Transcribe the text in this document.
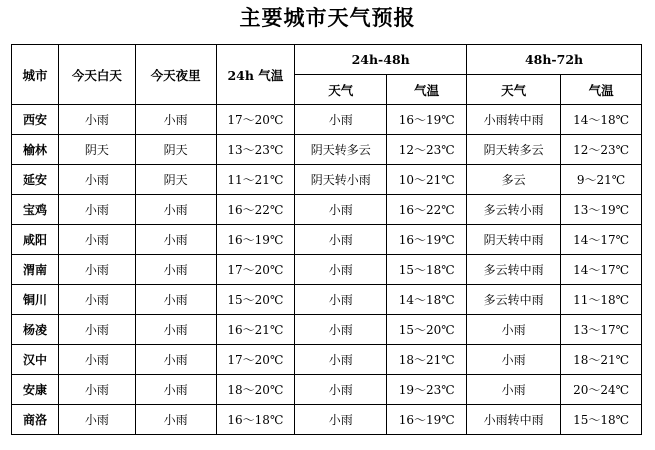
主要城市天气预报
城市	今天白天	今天夜里	24h 气温	24h-48h		48h-72h	
				天气	气温	天气	气温
西安	小雨	小雨	17～20℃	小雨	16～19℃	小雨转中雨	14～18℃
榆林	阴天	阴天	13～23℃	阴天转多云	12～23℃	阴天转多云	12～23℃
延安	小雨	阴天	11～21℃	阴天转小雨	10～21℃	多云	9～21℃
宝鸡	小雨	小雨	16～22℃	小雨	16～22℃	多云转小雨	13～19℃
咸阳	小雨	小雨	16～19℃	小雨	16～19℃	阴天转中雨	14～17℃
渭南	小雨	小雨	17～20℃	小雨	15～18℃	多云转中雨	14～17℃
铜川	小雨	小雨	15～20℃	小雨	14～18℃	多云转中雨	11～18℃
杨凌	小雨	小雨	16～21℃	小雨	15～20℃	小雨	13～17℃
汉中	小雨	小雨	17～20℃	小雨	18～21℃	小雨	18～21℃
安康	小雨	小雨	18～20℃	小雨	19～23℃	小雨	20～24℃
商洛	小雨	小雨	16～18℃	小雨	16～19℃	小雨转中雨	15～18℃
